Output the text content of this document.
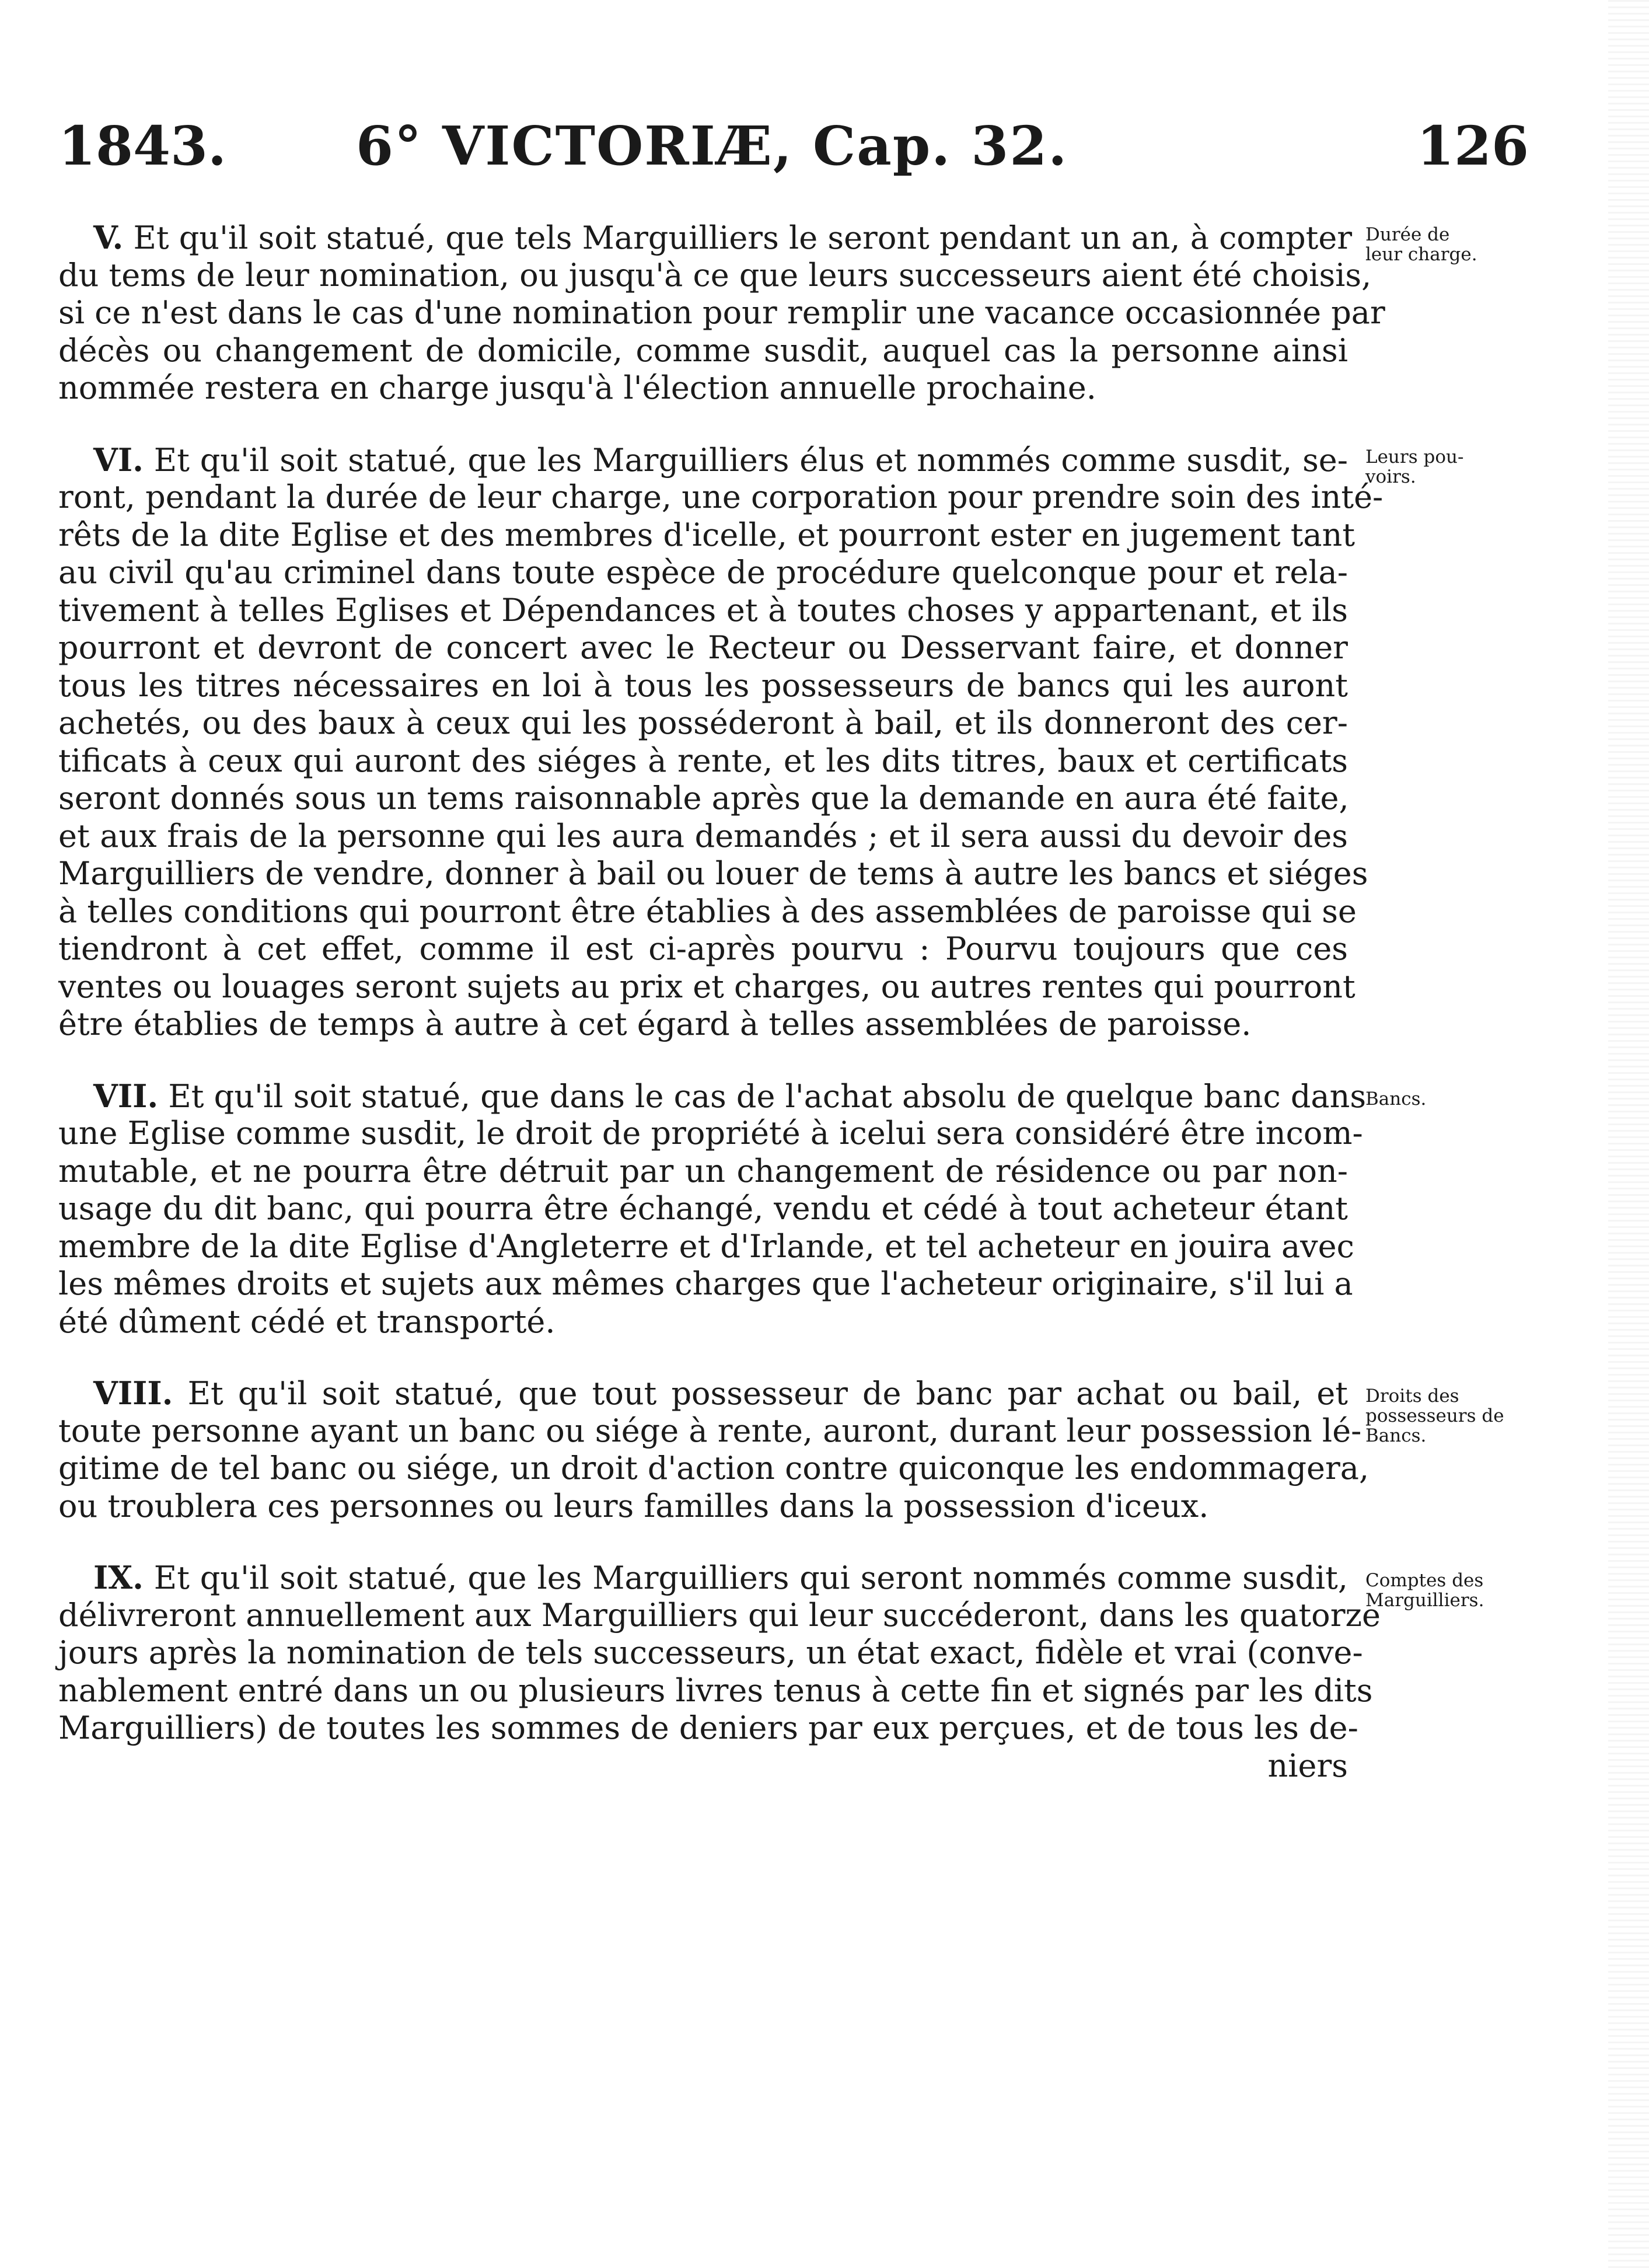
1843. 6° VICTORIÆ, Cap. 32.	126
V. Et qu'il soit statué, que tels Marguilliers le seront pendant un an, à compter
du tems de leur nomination, ou jusqu'à ce que leurs successeurs aient été choisis,
si ce n'est dans le cas d'une nomination pour remplir une vacance occasionnée par
décès ou changement de domicile, comme susdit, auquel cas la personne ainsi
nommée restera en charge jusqu'à l'élection annuelle prochaine.
Durée de
leur charge.
VI. Et qu'il soit statué, que les Marguilliers élus et nommés comme susdit, se-
ront, pendant la durée de leur charge, une corporation pour prendre soin des inté-
rêts de la dite Eglise et des membres d'icelle, et pourront ester en jugement tant
au civil qu'au criminel dans toute espèce de procédure quelconque pour et rela-
tivement à telles Eglises et Dépendances et à toutes choses y appartenant, et ils
pourront et devront de concert avec le Recteur ou Desservant faire, et donner
tous les titres nécessaires en loi à tous les possesseurs de bancs qui les auront
achetés, ou des baux à ceux qui les posséderont à bail, et ils donneront des cer-
tificats à ceux qui auront des siéges à rente, et les dits titres, baux et certificats
seront donnés sous un tems raisonnable après que la demande en aura été faite,
et aux frais de la personne qui les aura demandés ; et il sera aussi du devoir des
Marguilliers de vendre, donner à bail ou louer de tems à autre les bancs et siéges
à telles conditions qui pourront être établies à des assemblées de paroisse qui se
tiendront à cet effet, comme il est ci-après pourvu : Pourvu toujours que ces
ventes ou louages seront sujets au prix et charges, ou autres rentes qui pourront
être établies de temps à autre à cet égard à telles assemblées de paroisse.
Leurs pou-
voirs.
VII. Et qu'il soit statué, que dans le cas de l'achat absolu de quelque banc dans
une Eglise comme susdit, le droit de propriété à icelui sera considéré être incom-
mutable, et ne pourra être détruit par un changement de résidence ou par non-
usage du dit banc, qui pourra être échangé, vendu et cédé à tout acheteur étant
membre de la dite Eglise d'Angleterre et d'Irlande, et tel acheteur en jouira avec
les mêmes droits et sujets aux mêmes charges que l'acheteur originaire, s'il lui a
été dûment cédé et transporté.
Bancs.
VIII. Et qu'il soit statué, que tout possesseur de banc par achat ou bail, et
toute personne ayant un banc ou siége à rente, auront, durant leur possession lé-
gitime de tel banc ou siége, un droit d'action contre quiconque les endommagera,
ou troublera ces personnes ou leurs familles dans la possession d'iceux.
Droits des
possesseurs de
Bancs.
IX. Et qu'il soit statué, que les Marguilliers qui seront nommés comme susdit,
délivreront annuellement aux Marguilliers qui leur succéderont, dans les quatorze
jours après la nomination de tels successeurs, un état exact, fidèle et vrai (conve-
nablement entré dans un ou plusieurs livres tenus à cette fin et signés par les dits
Marguilliers) de toutes les sommes de deniers par eux perçues, et de tous les de-
niers
Comptes des
Marguilliers.
